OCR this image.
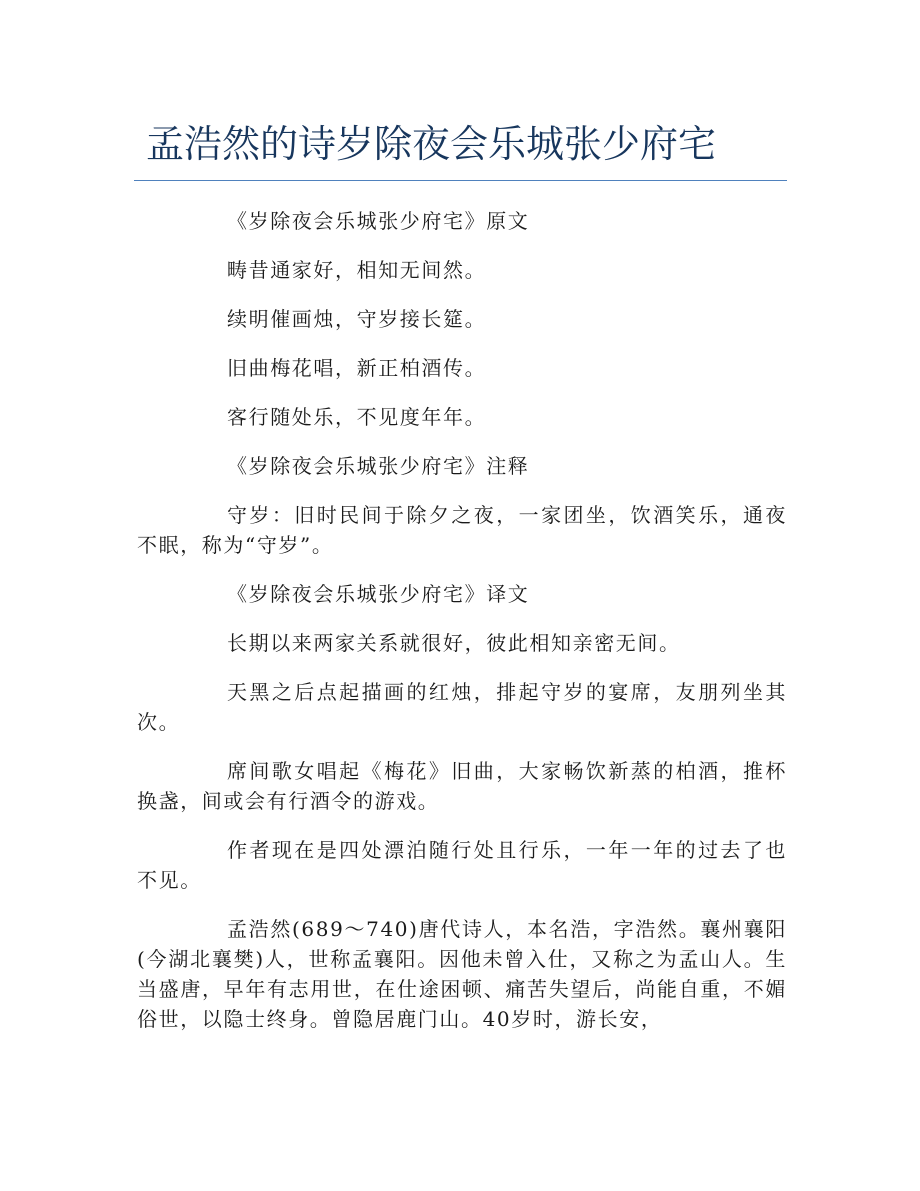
孟浩然的诗岁除夜会乐城张少府宅

《岁除夜会乐城张少府宅》原文

畴昔通家好，相知无间然。

续明催画烛，守岁接长筵。

旧曲梅花唱，新正柏酒传。

客行随处乐，不见度年年。

《岁除夜会乐城张少府宅》注释

守岁：旧时民间于除夕之夜，一家团坐，饮酒笑乐，通夜不眠，称为“守岁”。

《岁除夜会乐城张少府宅》译文

长期以来两家关系就很好，彼此相知亲密无间。

天黑之后点起描画的红烛，排起守岁的宴席，友朋列坐其次。

席间歌女唱起《梅花》旧曲，大家畅饮新蒸的柏酒，推杯换盏，间或会有行酒令的游戏。

作者现在是四处漂泊随行处且行乐，一年一年的过去了也不见。

孟浩然(689～740)唐代诗人，本名浩，字浩然。襄州襄阳(今湖北襄樊)人，世称孟襄阳。因他未曾入仕，又称之为孟山人。生当盛唐，早年有志用世，在仕途困顿、痛苦失望后，尚能自重，不媚俗世，以隐士终身。曾隐居鹿门山。40岁时，游长安，
